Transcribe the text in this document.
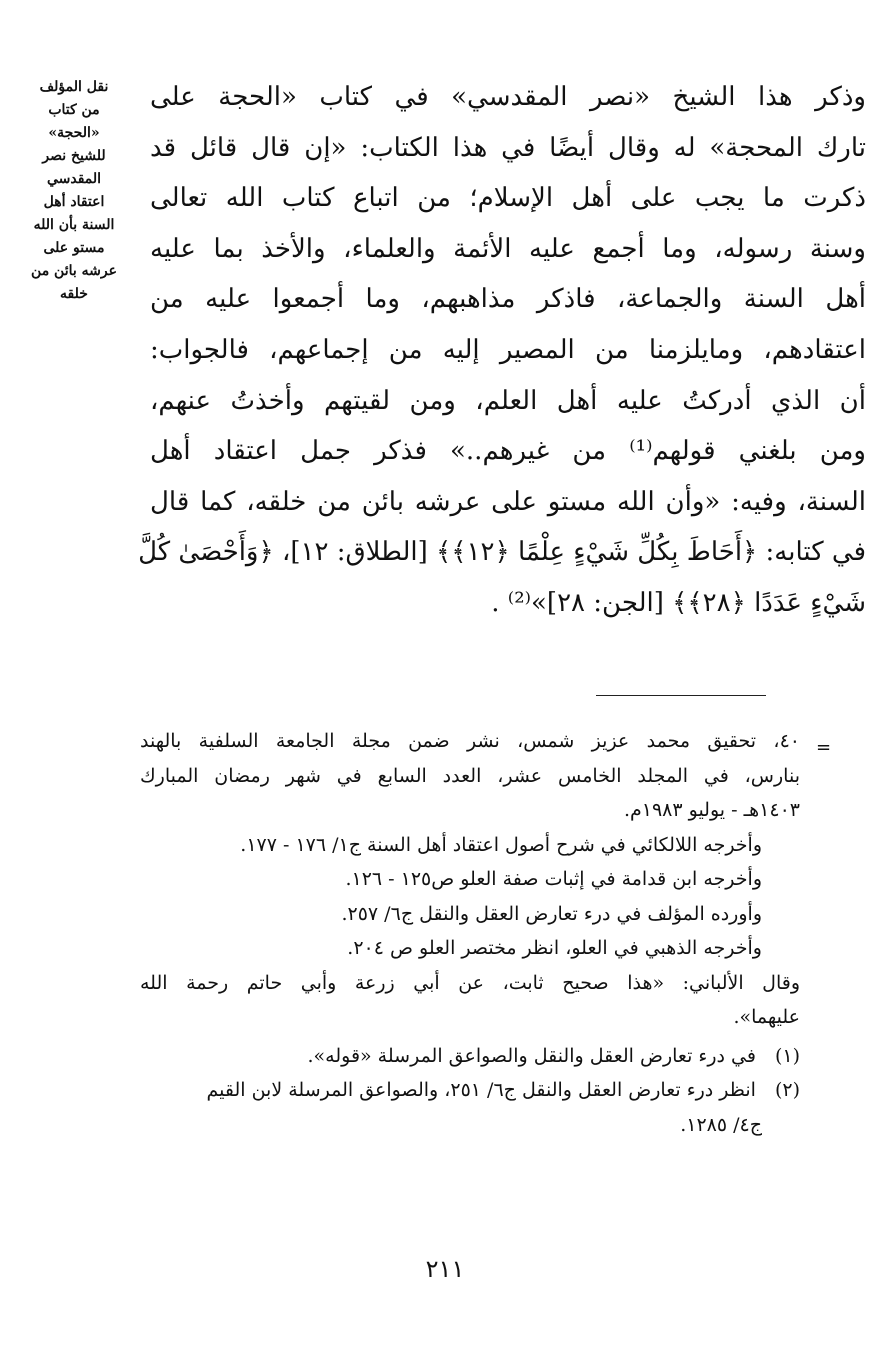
نقل المؤلف
من كتاب
«الحجة»
للشيخ نصر
المقدسي
اعتقاد أهل
السنة بأن الله
مستو على
عرشه بائن من
خلقه
وذكر هذا الشيخ «نصر المقدسي» في كتاب «الحجة على
تارك المحجة» له وقال أيضًا في هذا الكتاب: «إن قال قائل قد
ذكرت ما يجب على أهل الإسلام؛ من اتباع كتاب الله تعالى
وسنة رسوله، وما أجمع عليه الأئمة والعلماء، والأخذ بما عليه
أهل السنة والجماعة، فاذكر مذاهبهم، وما أجمعوا عليه من
اعتقادهم، ومايلزمنا من المصير إليه من إجماعهم، فالجواب:
أن الذي أدركتُ عليه أهل العلم، ومن لقيتهم وأخذتُ عنهم،
ومن بلغني قولهم⁽¹⁾ من غيرهم..» فذكر جمل اعتقاد أهل
السنة، وفيه: «وأن الله مستو على عرشه بائن من خلقه، كما قال
في كتابه: ﴿أَحَاطَ بِكُلِّ شَيْءٍ عِلْمًا ﴿١٢﴾﴾ [الطلاق: ١٢]، ﴿وَأَحْصَىٰ كُلَّ
شَيْءٍ عَدَدًا ﴿٢٨﴾﴾ [الجن: ٢٨]»⁽²⁾ .
=
٤٠، تحقيق محمد عزيز شمس، نشر ضمن مجلة الجامعة السلفية بالهند
بنارس، في المجلد الخامس عشر، العدد السابع في شهر رمضان المبارك
١٤٠٣هـ - يوليو ١٩٨٣م.
وأخرجه اللالكائي في شرح أصول اعتقاد أهل السنة ج١/ ١٧٦ - ١٧٧.
وأخرجه ابن قدامة في إثبات صفة العلو ص١٢٥ - ١٢٦.
وأورده المؤلف في درء تعارض العقل والنقل ج٦/ ٢٥٧.
وأخرجه الذهبي في العلو، انظر مختصر العلو ص ٢٠٤.
وقال الألباني: «هذا صحيح ثابت، عن أبي زرعة وأبي حاتم رحمة الله
عليهما».
(١) في درء تعارض العقل والنقل والصواعق المرسلة «قوله».
(٢) انظر درء تعارض العقل والنقل ج٦/ ٢٥١، والصواعق المرسلة لابن القيم
ج٤/ ١٢٨٥.
٢١١
